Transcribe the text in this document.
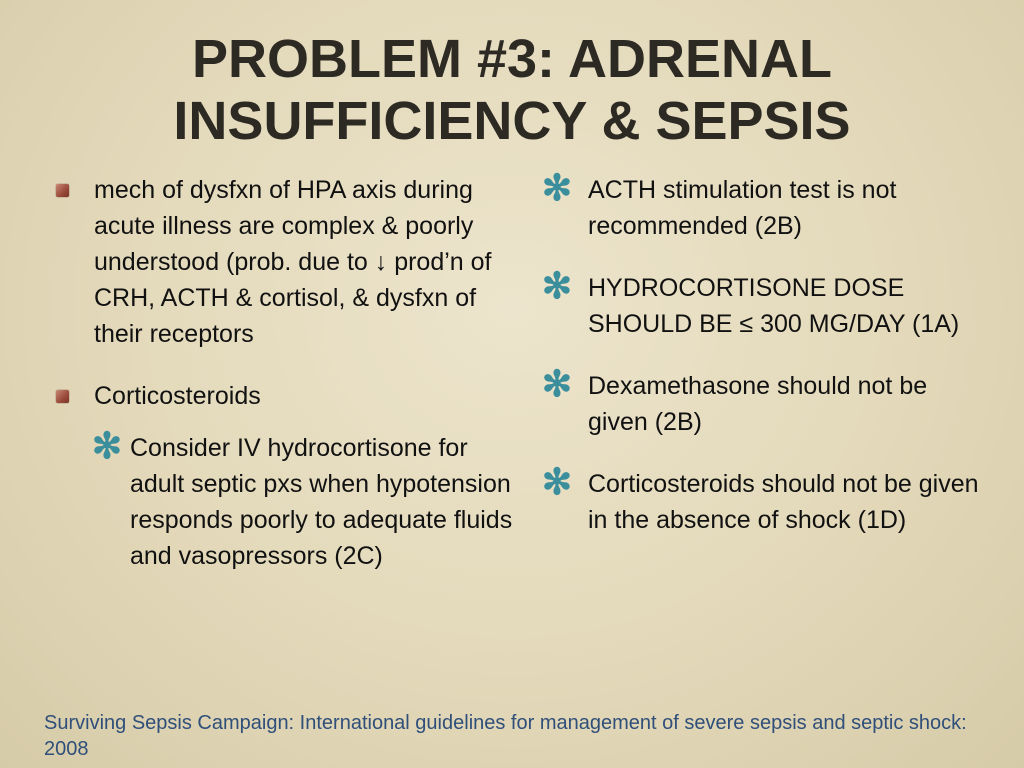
PROBLEM #3: ADRENAL
INSUFFICIENCY & SEPSIS
mech of dysfxn of HPA axis during acute illness are complex & poorly understood (prob. due to ↓ prod’n of CRH, ACTH & cortisol, & dysfxn of their receptors
Corticosteroids
✻ Consider IV hydrocortisone for adult septic pxs when hypotension responds poorly to adequate fluids and vasopressors (2C)
✻ ACTH stimulation test is not recommended (2B)
✻ HYDROCORTISONE DOSE SHOULD BE ≤ 300 MG/DAY (1A)
✻ Dexamethasone should not be given (2B)
✻ Corticosteroids should not be given in the absence of shock (1D)
Surviving Sepsis Campaign: International guidelines for management of severe sepsis and septic shock: 2008
